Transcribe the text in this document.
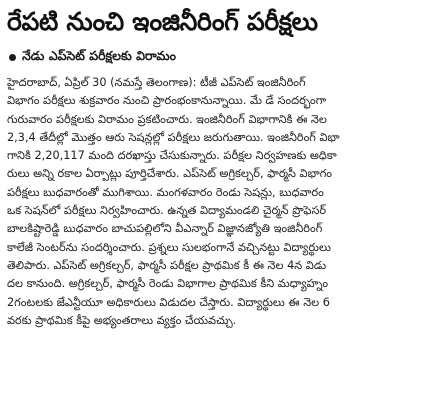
రేపటి నుంచి ఇంజినీరింగ్ పరీక్షలు
నేడు ఎప్‌సెట్ పరీక్షలకు విరామం
హైదరాబాద్, ఏప్రిల్ 30 (నమస్తే తెలంగాణ): టీజీ ఎప్‌సెట్ ఇంజినీరింగ్
విభాగం పరీక్షలు శుక్రవారం నుంచి ప్రారంభంకానున్నాయి. మే డే సందర్భంగా
గురువారం పరీక్షలకు విరామం ప్రకటించారు. ఇంజినీరింగ్ విభాగానికి ఈ నెల
2,3,4 తేదీల్లో మొత్తం ఆరు సెషన్లల్లో పరీక్షలు జరుగుతాయి. ఇంజినీరింగ్ విభా
గానికి 2,20,117 మంది దరఖాస్తు చేసుకున్నారు. పరీక్షల నిర్వహణకు అధికా
రులు అన్ని రకాల ఏర్పాట్లు పూర్తిచేశారు. ఎప్‌సెట్ అగ్రికల్చర్, ఫార్మసీ విభాగం
పరీక్షలు బుధవారంతో ముగిశాయి. మంగళవారం రెండు సెషన్లు, బుధవారం
ఒక సెషన్‌లో పరీక్షలు నిర్వహించారు. ఉన్నత విద్యామండలి చైర్మన్ ప్రొఫెసర్
బాలకిష్టారెడ్డి బుధవారం బాచుపల్లిలోని వీఎన్నార్ విజ్ఞానజ్యోతి ఇంజినీరింగ్
కాలేజీ సెంటర్‌ను సందర్శించారు. ప్రశ్నలు సులభంగానే వచ్చినట్టు విద్యార్థులు
తెలిపారు. ఎప్‌సెట్ అగ్రికల్చర్, ఫార్మసీ పరీక్షల ప్రాథమిక కీ ఈ నెల 4న విడు
దల కానుంది. అగ్రికల్చర్, ఫార్మసీ రెండు విభాగాల ప్రాథమిక కీని మధ్యాహ్నం
2గంటలకు జేఎన్టీయూ అధికారులు విడుదల చేస్తారు. విద్యార్థులు ఈ నెల 6
వరకు ప్రాథమిక కీపై అభ్యంతరాలు వ్యక్తం చేయవచ్చు.
